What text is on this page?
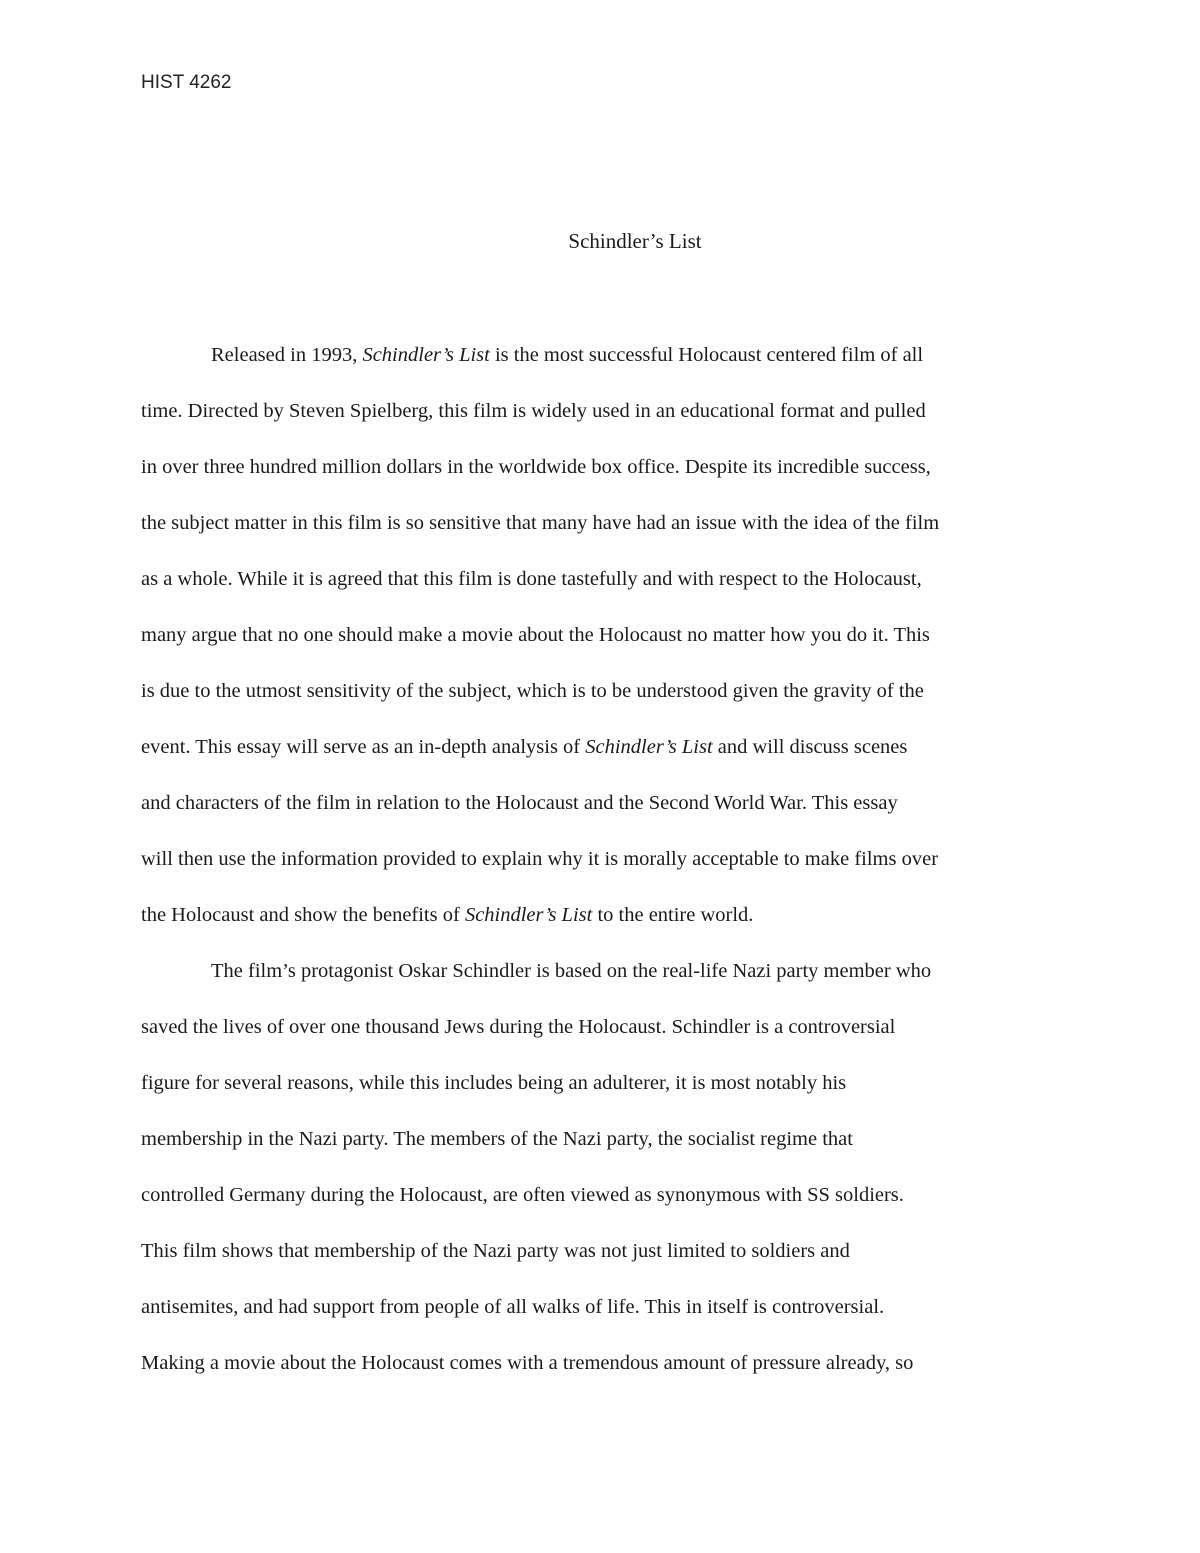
HIST 4262
Schindler’s List
Released in 1993, Schindler’s List is the most successful Holocaust centered film of all
time. Directed by Steven Spielberg, this film is widely used in an educational format and pulled
in over three hundred million dollars in the worldwide box office. Despite its incredible success,
the subject matter in this film is so sensitive that many have had an issue with the idea of the film
as a whole. While it is agreed that this film is done tastefully and with respect to the Holocaust,
many argue that no one should make a movie about the Holocaust no matter how you do it. This
is due to the utmost sensitivity of the subject, which is to be understood given the gravity of the
event. This essay will serve as an in-depth analysis of Schindler’s List and will discuss scenes
and characters of the film in relation to the Holocaust and the Second World War. This essay
will then use the information provided to explain why it is morally acceptable to make films over
the Holocaust and show the benefits of Schindler’s List to the entire world.
The film’s protagonist Oskar Schindler is based on the real-life Nazi party member who
saved the lives of over one thousand Jews during the Holocaust. Schindler is a controversial
figure for several reasons, while this includes being an adulterer, it is most notably his
membership in the Nazi party. The members of the Nazi party, the socialist regime that
controlled Germany during the Holocaust, are often viewed as synonymous with SS soldiers.
This film shows that membership of the Nazi party was not just limited to soldiers and
antisemites, and had support from people of all walks of life. This in itself is controversial.
Making a movie about the Holocaust comes with a tremendous amount of pressure already, so
